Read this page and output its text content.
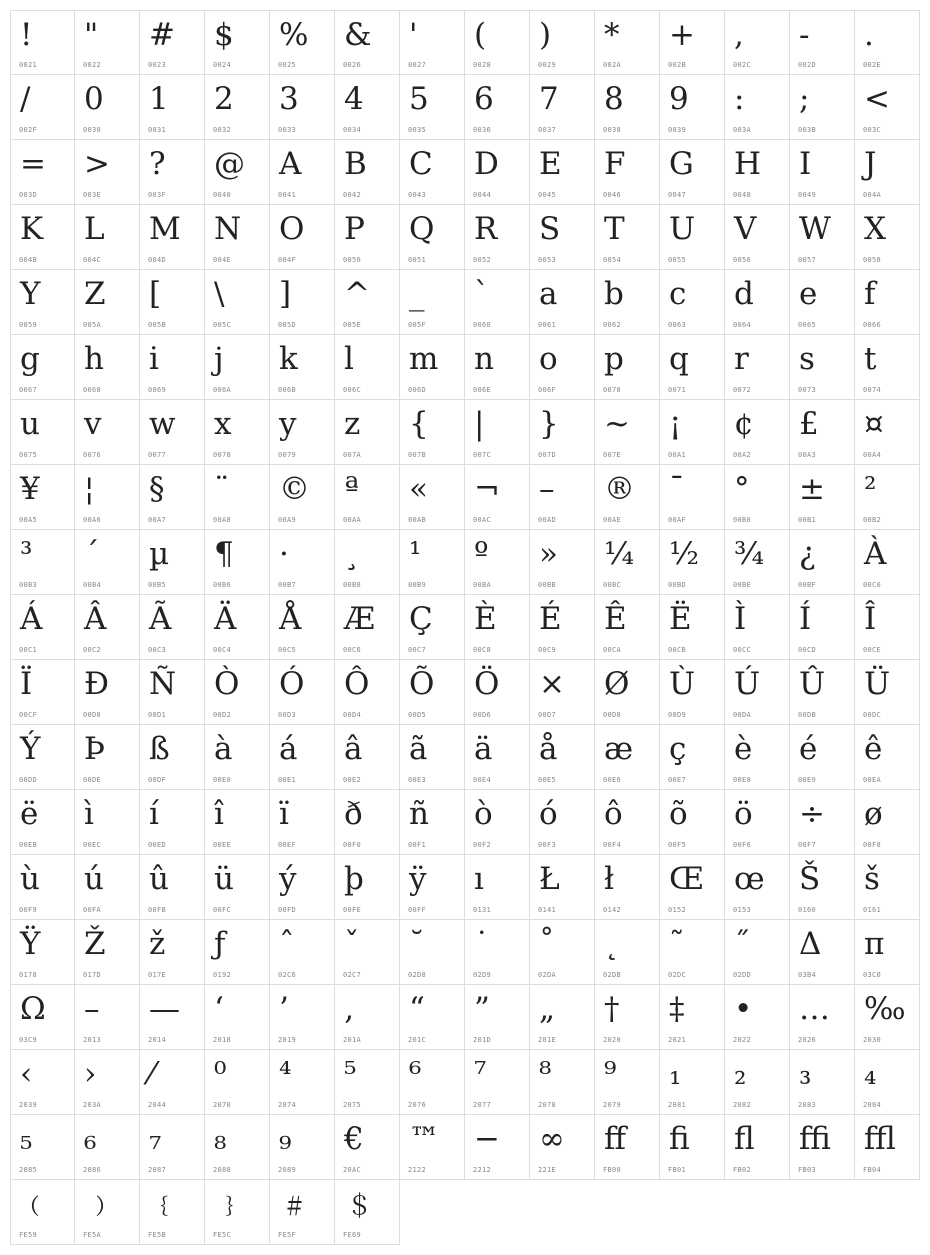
!
0021
"
0022
#
0023
$
0024
%
0025
&
0026
'
0027
(
0028
)
0029
*
002A
+
002B
,
002C
-
002D
.
002E
/
002F
0
0030
1
0031
2
0032
3
0033
4
0034
5
0035
6
0036
7
0037
8
0038
9
0039
:
003A
;
003B
<
003C
=
003D
>
003E
?
003F
@
0040
A
0041
B
0042
C
0043
D
0044
E
0045
F
0046
G
0047
H
0048
I
0049
J
004A
K
004B
L
004C
M
004D
N
004E
O
004F
P
0050
Q
0051
R
0052
S
0053
T
0054
U
0055
V
0056
W
0057
X
0058
Y
0059
Z
005A
[
005B
\
005C
]
005D
^
005E
_
005F
`
0060
a
0061
b
0062
c
0063
d
0064
e
0065
f
0066
g
0067
h
0068
i
0069
j
006A
k
006B
l
006C
m
006D
n
006E
o
006F
p
0070
q
0071
r
0072
s
0073
t
0074
u
0075
v
0076
w
0077
x
0078
y
0079
z
007A
{
007B
|
007C
}
007D
~
007E
¡
00A1
¢
00A2
£
00A3
¤
00A4
¥
00A5
¦
00A6
§
00A7
¨
00A8
©
00A9
ª
00AA
«
00AB
¬
00AC
–
00AD
®
00AE
¯
00AF
°
00B0
±
00B1
²
00B2
³
00B3
´
00B4
µ
00B5
¶
00B6
·
00B7
¸
00B8
¹
00B9
º
00BA
»
00BB
¼
00BC
½
00BD
¾
00BE
¿
00BF
À
00C0
Á
00C1
Â
00C2
Ã
00C3
Ä
00C4
Å
00C5
Æ
00C6
Ç
00C7
È
00C8
É
00C9
Ê
00CA
Ë
00CB
Ì
00CC
Í
00CD
Î
00CE
Ï
00CF
Ð
00D0
Ñ
00D1
Ò
00D2
Ó
00D3
Ô
00D4
Õ
00D5
Ö
00D6
×
00D7
Ø
00D8
Ù
00D9
Ú
00DA
Û
00DB
Ü
00DC
Ý
00DD
Þ
00DE
ß
00DF
à
00E0
á
00E1
â
00E2
ã
00E3
ä
00E4
å
00E5
æ
00E6
ç
00E7
è
00E8
é
00E9
ê
00EA
ë
00EB
ì
00EC
í
00ED
î
00EE
ï
00EF
ð
00F0
ñ
00F1
ò
00F2
ó
00F3
ô
00F4
õ
00F5
ö
00F6
÷
00F7
ø
00F8
ù
00F9
ú
00FA
û
00FB
ü
00FC
ý
00FD
þ
00FE
ÿ
00FF
ı
0131
Ł
0141
ł
0142
Œ
0152
œ
0153
Š
0160
š
0161
Ÿ
0178
Ž
017D
ž
017E
ƒ
0192
ˆ
02C6
ˇ
02C7
˘
02D8
˙
02D9
˚
02DA
˛
02DB
˜
02DC
˝
02DD
Δ
03B4
π
03C0
Ω
03C9
–
2013
—
2014
‘
2018
’
2019
‚
201A
“
201C
”
201D
„
201E
†
2020
‡
2021
•
2022
…
2026
‰
2030
‹
2039
›
203A
⁄
2044
⁰
2070
⁴
2074
⁵
2075
⁶
2076
⁷
2077
⁸
2078
⁹
2079
₁
2081
₂
2082
₃
2083
₄
2084
₅
2085
₆
2086
₇
2087
₈
2088
₉
2089
€
20AC
™
2122
−
2212
∞
221E
ﬀ
FB00
ﬁ
FB01
ﬂ
FB02
ﬃ
FB03
ﬄ
FB04
﹙
FE59
﹚
FE5A
﹛
FE5B
﹜
FE5C
﹟
FE5F
﹩
FE69
